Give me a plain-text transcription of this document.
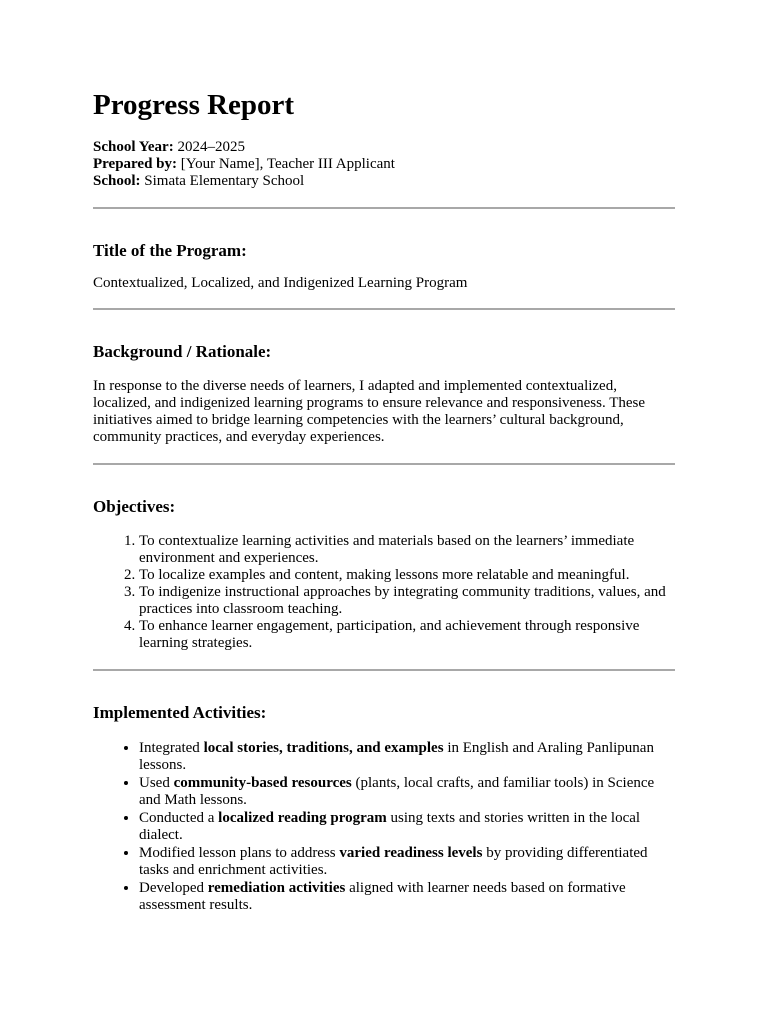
Progress Report
School Year: 2024–2025
Prepared by: [Your Name], Teacher III Applicant
School: Simata Elementary School
Title of the Program:

Contextualized, Localized, and Indigenized Learning Program

Background / Rationale:

In response to the diverse needs of learners, I adapted and implemented contextualized, localized, and indigenized learning programs to ensure relevance and responsiveness. These initiatives aimed to bridge learning competencies with the learners’ cultural background, community practices, and everyday experiences.

Objectives:
1. To contextualize learning activities and materials based on the learners’ immediate environment and experiences.
2. To localize examples and content, making lessons more relatable and meaningful.
3. To indigenize instructional approaches by integrating community traditions, values, and practices into classroom teaching.
4. To enhance learner engagement, participation, and achievement through responsive learning strategies.
Implemented Activities:
• Integrated local stories, traditions, and examples in English and Araling Panlipunan lessons.
• Used community-based resources (plants, local crafts, and familiar tools) in Science and Math lessons.
• Conducted a localized reading program using texts and stories written in the local dialect.
• Modified lesson plans to address varied readiness levels by providing differentiated tasks and enrichment activities.
• Developed remediation activities aligned with learner needs based on formative assessment results.
